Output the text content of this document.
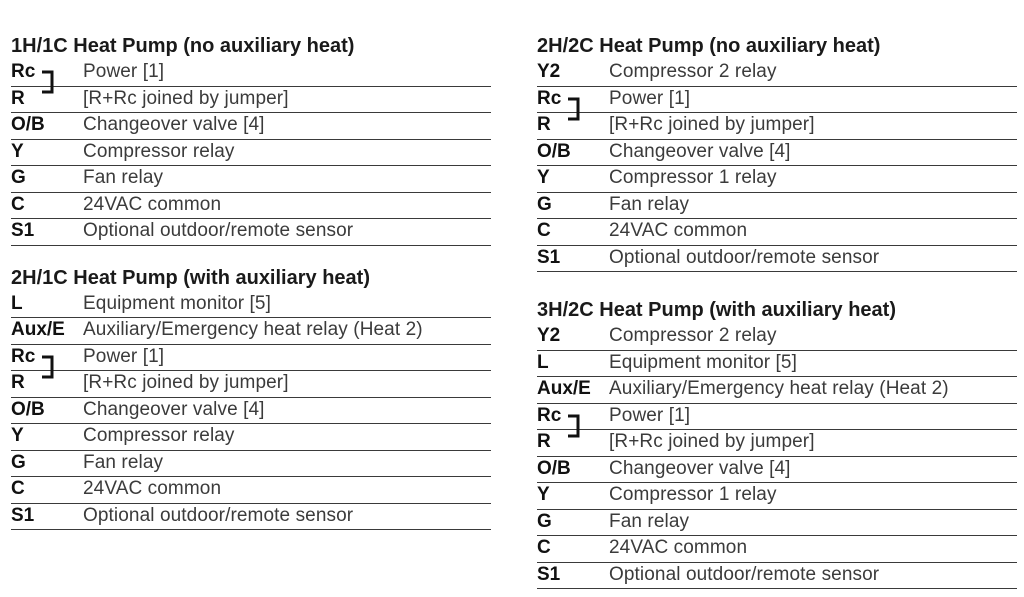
1H/1C Heat Pump (no auxiliary heat)
Rc	Power [1]
R	[R+Rc joined by jumper]
O/B Changeover valve [4]
Y	Compressor relay
G	Fan relay
C	24VAC common
S1	Optional outdoor/remote sensor
2H/1C Heat Pump (with auxiliary heat)
L	Equipment monitor [5]
Aux/E Auxiliary/Emergency heat relay (Heat 2)
Rc	Power [1]
R	[R+Rc joined by jumper]
O/B Changeover valve [4]
Y	Compressor relay
G	Fan relay
C	24VAC common
S1	Optional outdoor/remote sensor
2H/2C Heat Pump (no auxiliary heat)
Y2	Compressor 2 relay
Rc	Power [1]
R	[R+Rc joined by jumper]
O/B Changeover valve [4]
Y	Compressor 1 relay
G	Fan relay
C	24VAC common
S1	Optional outdoor/remote sensor
3H/2C Heat Pump (with auxiliary heat)
Y2	Compressor 2 relay
L	Equipment monitor [5]
Aux/E Auxiliary/Emergency heat relay (Heat 2)
Rc	Power [1]
R	[R+Rc joined by jumper]
O/B Changeover valve [4]
Y	Compressor 1 relay
G	Fan relay
C	24VAC common
S1	Optional outdoor/remote sensor
